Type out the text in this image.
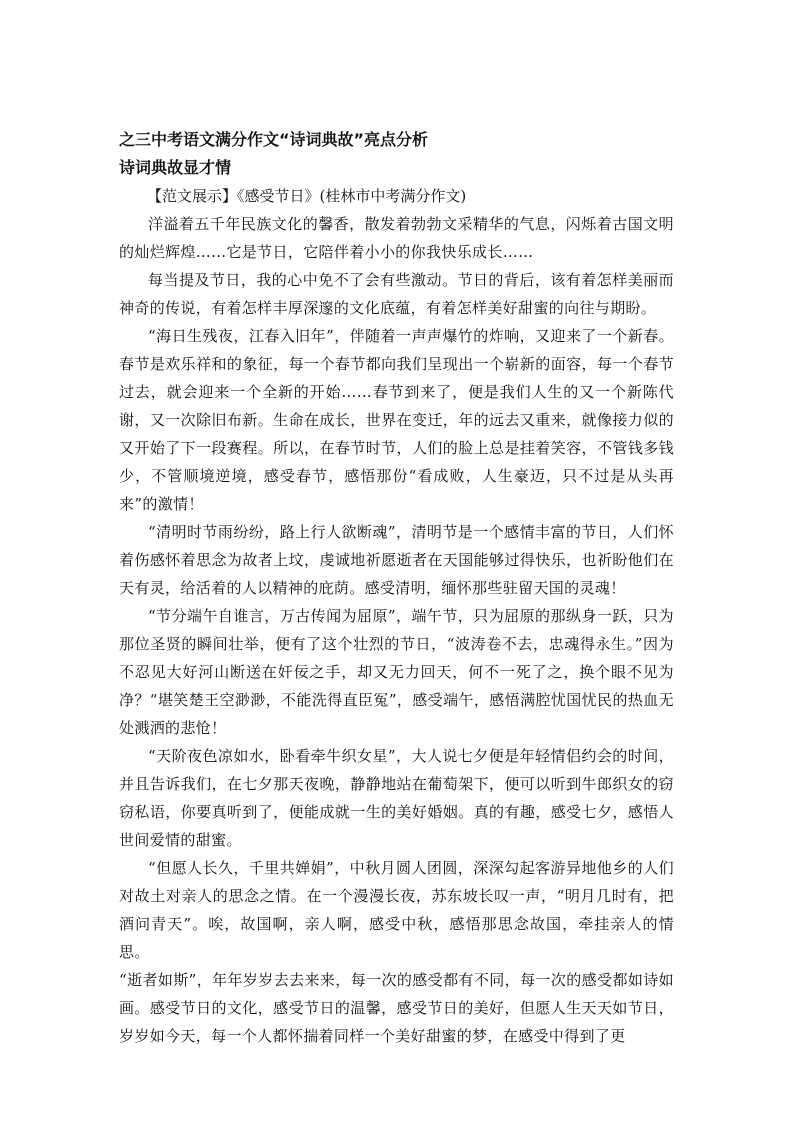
之三中考语文满分作文“诗词典故”亮点分析

诗词典故显才情

【范文展示】《感受节日》(桂林市中考满分作文)

洋溢着五千年民族文化的馨香，散发着勃勃文采精华的气息，闪烁着古国文明的灿烂辉煌……它是节日，它陪伴着小小的你我快乐成长……

每当提及节日，我的心中免不了会有些激动。节日的背后，该有着怎样美丽而神奇的传说，有着怎样丰厚深邃的文化底蕴，有着怎样美好甜蜜的向往与期盼。

“海日生残夜，江春入旧年”，伴随着一声声爆竹的炸响，又迎来了一个新春。春节是欢乐祥和的象征，每一个春节都向我们呈现出一个崭新的面容，每一个春节过去，就会迎来一个全新的开始……春节到来了，便是我们人生的又一个新陈代谢，又一次除旧布新。生命在成长，世界在变迁，年的远去又重来，就像接力似的又开始了下一段赛程。所以，在春节时节，人们的脸上总是挂着笑容，不管钱多钱少，不管顺境逆境，感受春节，感悟那份“看成败，人生豪迈，只不过是从头再来”的激情！

“清明时节雨纷纷，路上行人欲断魂”，清明节是一个感情丰富的节日，人们怀着伤感怀着思念为故者上坟，虔诚地祈愿逝者在天国能够过得快乐，也祈盼他们在天有灵，给活着的人以精神的庇荫。感受清明，缅怀那些驻留天国的灵魂！

“节分端午自谁言，万古传闻为屈原”，端午节，只为屈原的那纵身一跃，只为那位圣贤的瞬间壮举，便有了这个壮烈的节日，“波涛卷不去，忠魂得永生。”因为不忍见大好河山断送在奸佞之手，却又无力回天，何不一死了之，换个眼不见为净？“堪笑楚王空渺渺，不能洗得直臣冤”，感受端午，感悟满腔忧国忧民的热血无处溅洒的悲怆！

“天阶夜色凉如水，卧看牵牛织女星”，大人说七夕便是年轻情侣约会的时间，并且告诉我们，在七夕那天夜晚，静静地站在葡萄架下，便可以听到牛郎织女的窃窃私语，你要真听到了，便能成就一生的美好婚姻。真的有趣，感受七夕，感悟人世间爱情的甜蜜。

“但愿人长久，千里共婵娟”，中秋月圆人团圆，深深勾起客游异地他乡的人们对故土对亲人的思念之情。在一个漫漫长夜，苏东坡长叹一声，“明月几时有，把酒问青天”。唉，故国啊，亲人啊，感受中秋，感悟那思念故国，牵挂亲人的情思。

“逝者如斯”，年年岁岁去去来来，每一次的感受都有不同，每一次的感受都如诗如画。感受节日的文化，感受节日的温馨，感受节日的美好，但愿人生天天如节日，岁岁如今天，每一个人都怀揣着同样一个美好甜蜜的梦，在感受中得到了更
